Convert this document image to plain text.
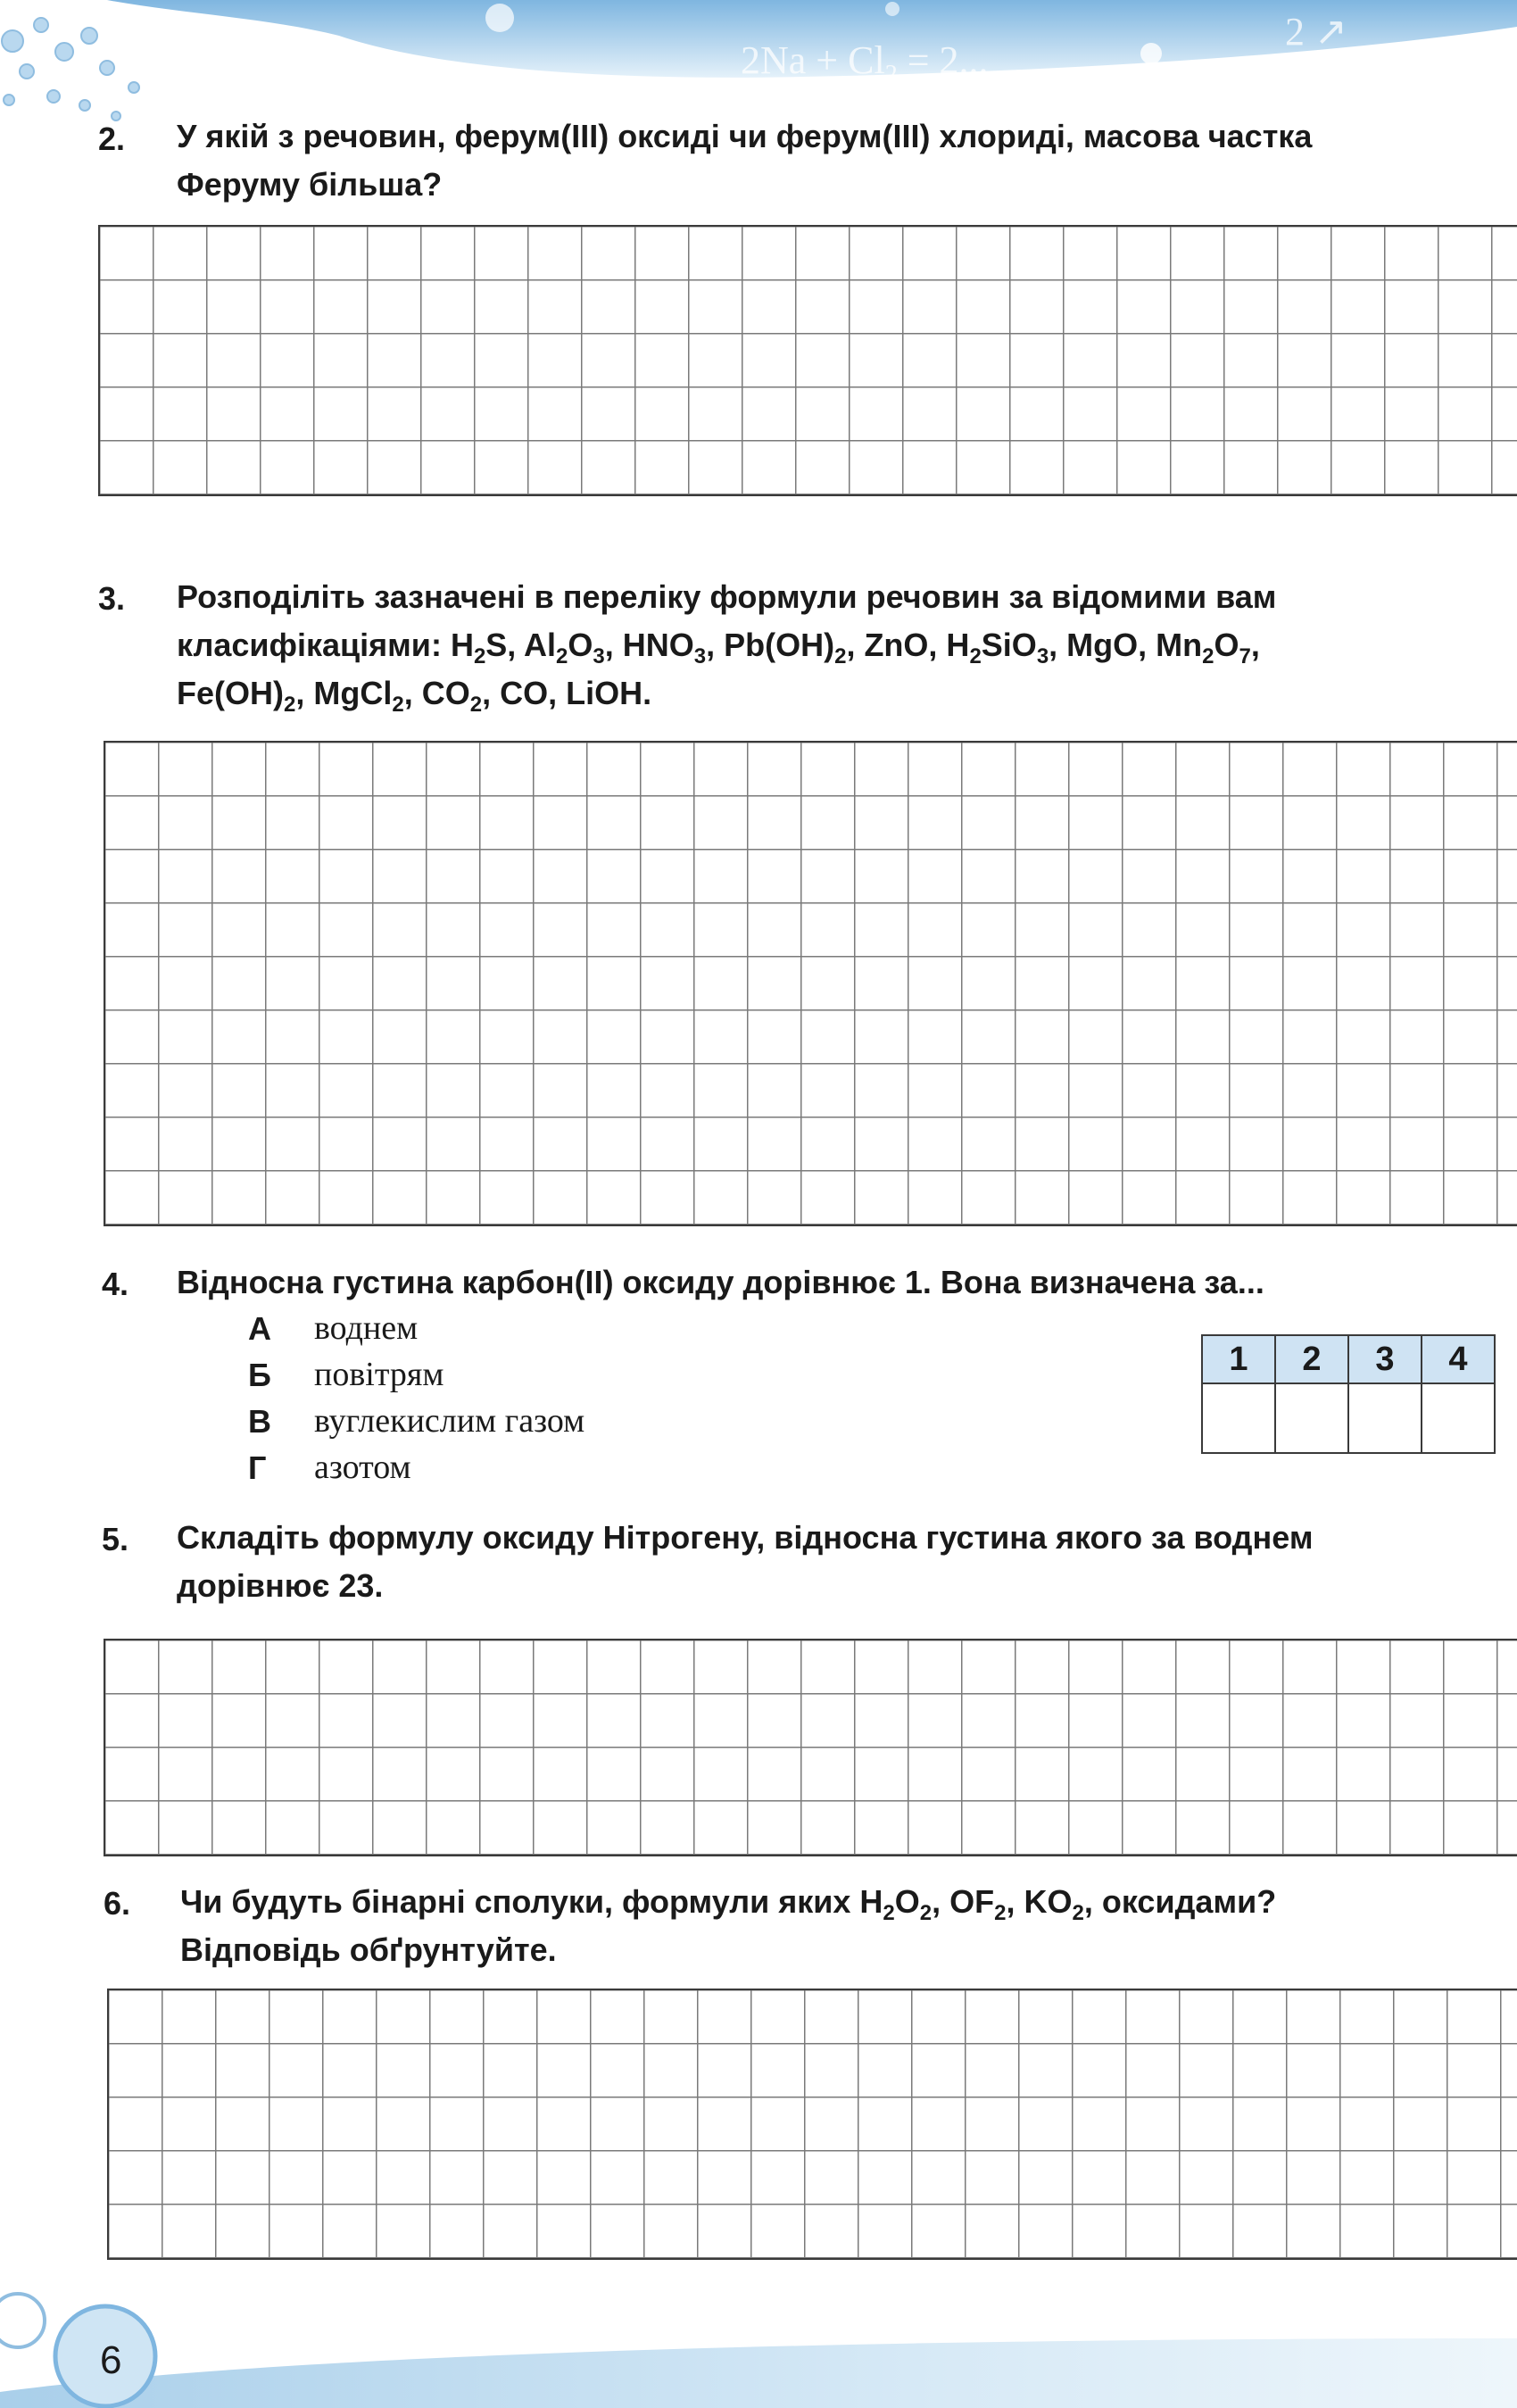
$2Na + Cl_2 = 2$...
2 ↗
2. У якій з речовин, ферум(III) оксиді чи ферум(III) хлориді, масова частка
Феруму більша?
3. Розподіліть зазначені в переліку формули речовин за відомими вам
класифікаціями: $H_2S$, $Al_2O_3$, $HNO_3$, $Pb(OH)_2$, ZnO, $H_2SiO_3$, MgO, $Mn_2O_7$,
$Fe(OH)_2$, MgCl$_2$, $CO_2$, CO, LiOH.
4. Відносна густина карбон(II) оксиду дорівнює 1. Вона визначена за...
А воднем
Б повітрям
В вуглекислим газом
Г азотом
1	2	3	4

5. Складіть формулу оксиду Нітрогену, відносна густина якого за воднем
дорівнює 23.
6. Чи будуть бінарні сполуки, формули яких $H_2O_2$, $OF_2$, $KO_2$, оксидами?
Відповідь обґрунтуйте.
6
